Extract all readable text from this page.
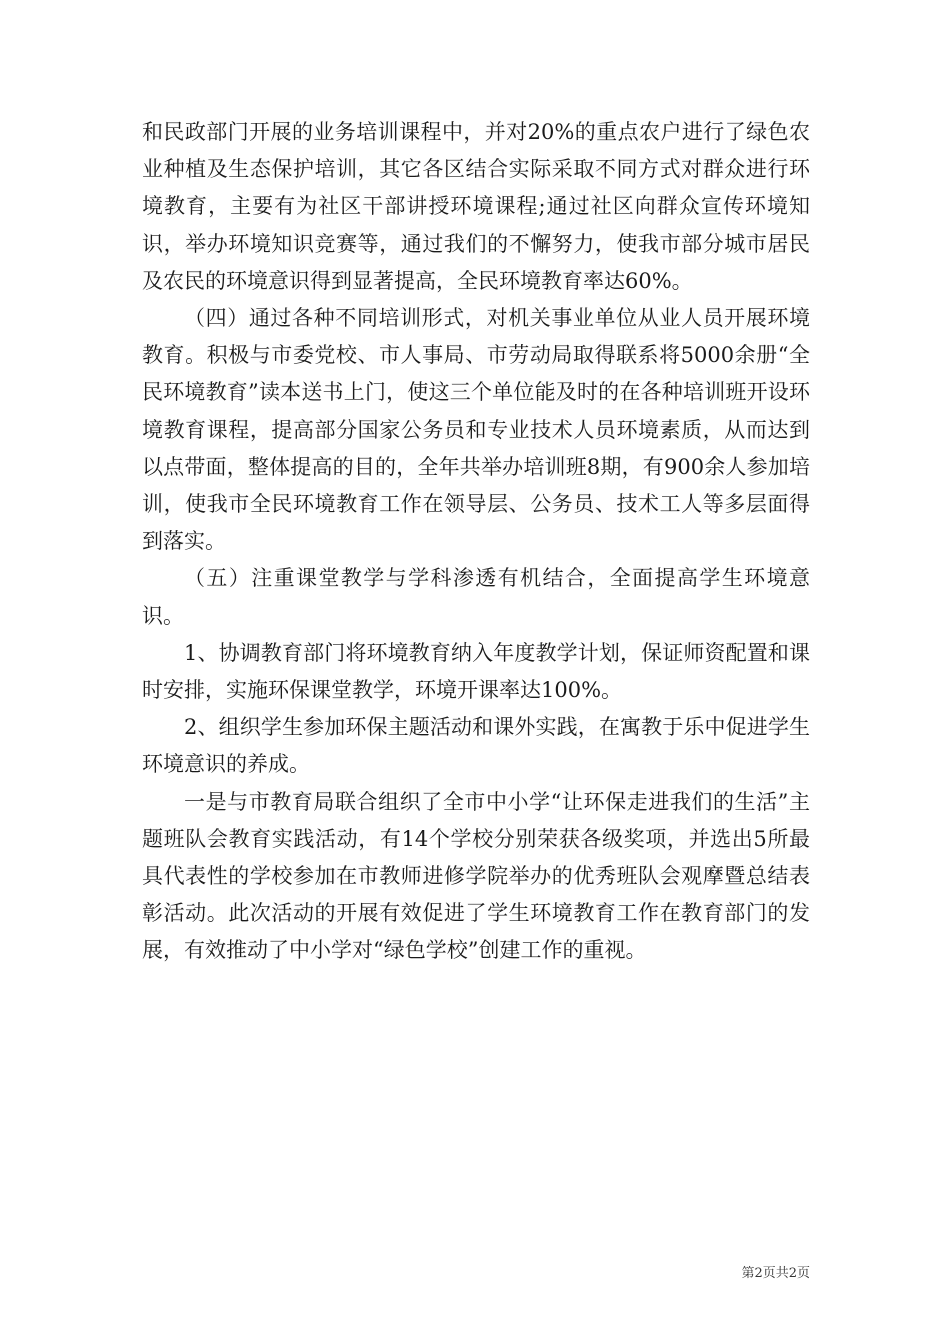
和民政部门开展的业务培训课程中，并对20%的重点农户进行了绿色农业种植及生态保护培训，其它各区结合实际采取不同方式对群众进行环境教育，主要有为社区干部讲授环境课程;通过社区向群众宣传环境知识，举办环境知识竞赛等，通过我们的不懈努力，使我市部分城市居民及农民的环境意识得到显著提高，全民环境教育率达60%。

（四）通过各种不同培训形式，对机关事业单位从业人员开展环境教育。积极与市委党校、市人事局、市劳动局取得联系将5000余册“全民环境教育”读本送书上门，使这三个单位能及时的在各种培训班开设环境教育课程，提高部分国家公务员和专业技术人员环境素质，从而达到以点带面，整体提高的目的，全年共举办培训班8期，有900余人参加培训，使我市全民环境教育工作在领导层、公务员、技术工人等多层面得到落实。

（五）注重课堂教学与学科渗透有机结合，全面提高学生环境意识。

1、协调教育部门将环境教育纳入年度教学计划，保证师资配置和课时安排，实施环保课堂教学，环境开课率达100%。

2、组织学生参加环保主题活动和课外实践，在寓教于乐中促进学生环境意识的养成。

一是与市教育局联合组织了全市中小学“让环保走进我们的生活”主题班队会教育实践活动，有14个学校分别荣获各级奖项，并选出5所最具代表性的学校参加在市教师进修学院举办的优秀班队会观摩暨总结表彰活动。此次活动的开展有效促进了学生环境教育工作在教育部门的发展，有效推动了中小学对“绿色学校”创建工作的重视。

第2页共2页
